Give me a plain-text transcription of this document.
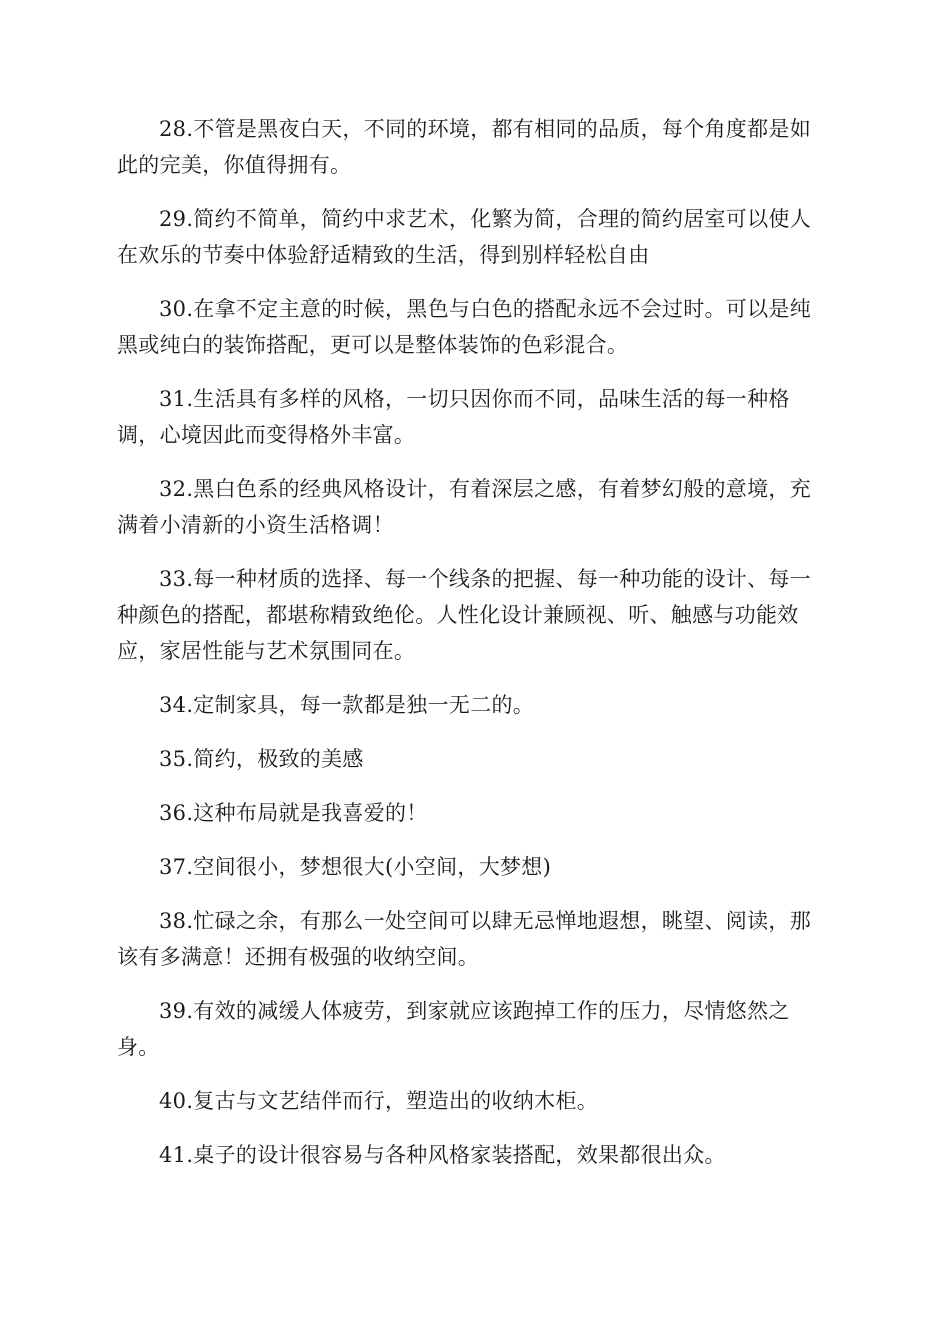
28.不管是黑夜白天，不同的环境，都有相同的品质，每个角度都是如此的完美，你值得拥有。

29.简约不简单，简约中求艺术，化繁为简，合理的简约居室可以使人在欢乐的节奏中体验舒适精致的生活，得到别样轻松自由

30.在拿不定主意的时候，黑色与白色的搭配永远不会过时。可以是纯黑或纯白的装饰搭配，更可以是整体装饰的色彩混合。

31.生活具有多样的风格，一切只因你而不同，品味生活的每一种格调，心境因此而变得格外丰富。

32.黑白色系的经典风格设计，有着深层之感，有着梦幻般的意境，充满着小清新的小资生活格调！

33.每一种材质的选择、每一个线条的把握、每一种功能的设计、每一种颜色的搭配，都堪称精致绝伦。人性化设计兼顾视、听、触感与功能效应，家居性能与艺术氛围同在。

34.定制家具，每一款都是独一无二的。

35.简约，极致的美感

36.这种布局就是我喜爱的！

37.空间很小，梦想很大(小空间，大梦想)

38.忙碌之余，有那么一处空间可以肆无忌惮地遐想，眺望、阅读，那该有多满意！还拥有极强的收纳空间。

39.有效的减缓人体疲劳，到家就应该跑掉工作的压力，尽情悠然之身。

40.复古与文艺结伴而行，塑造出的收纳木柜。

41.桌子的设计很容易与各种风格家装搭配，效果都很出众。
